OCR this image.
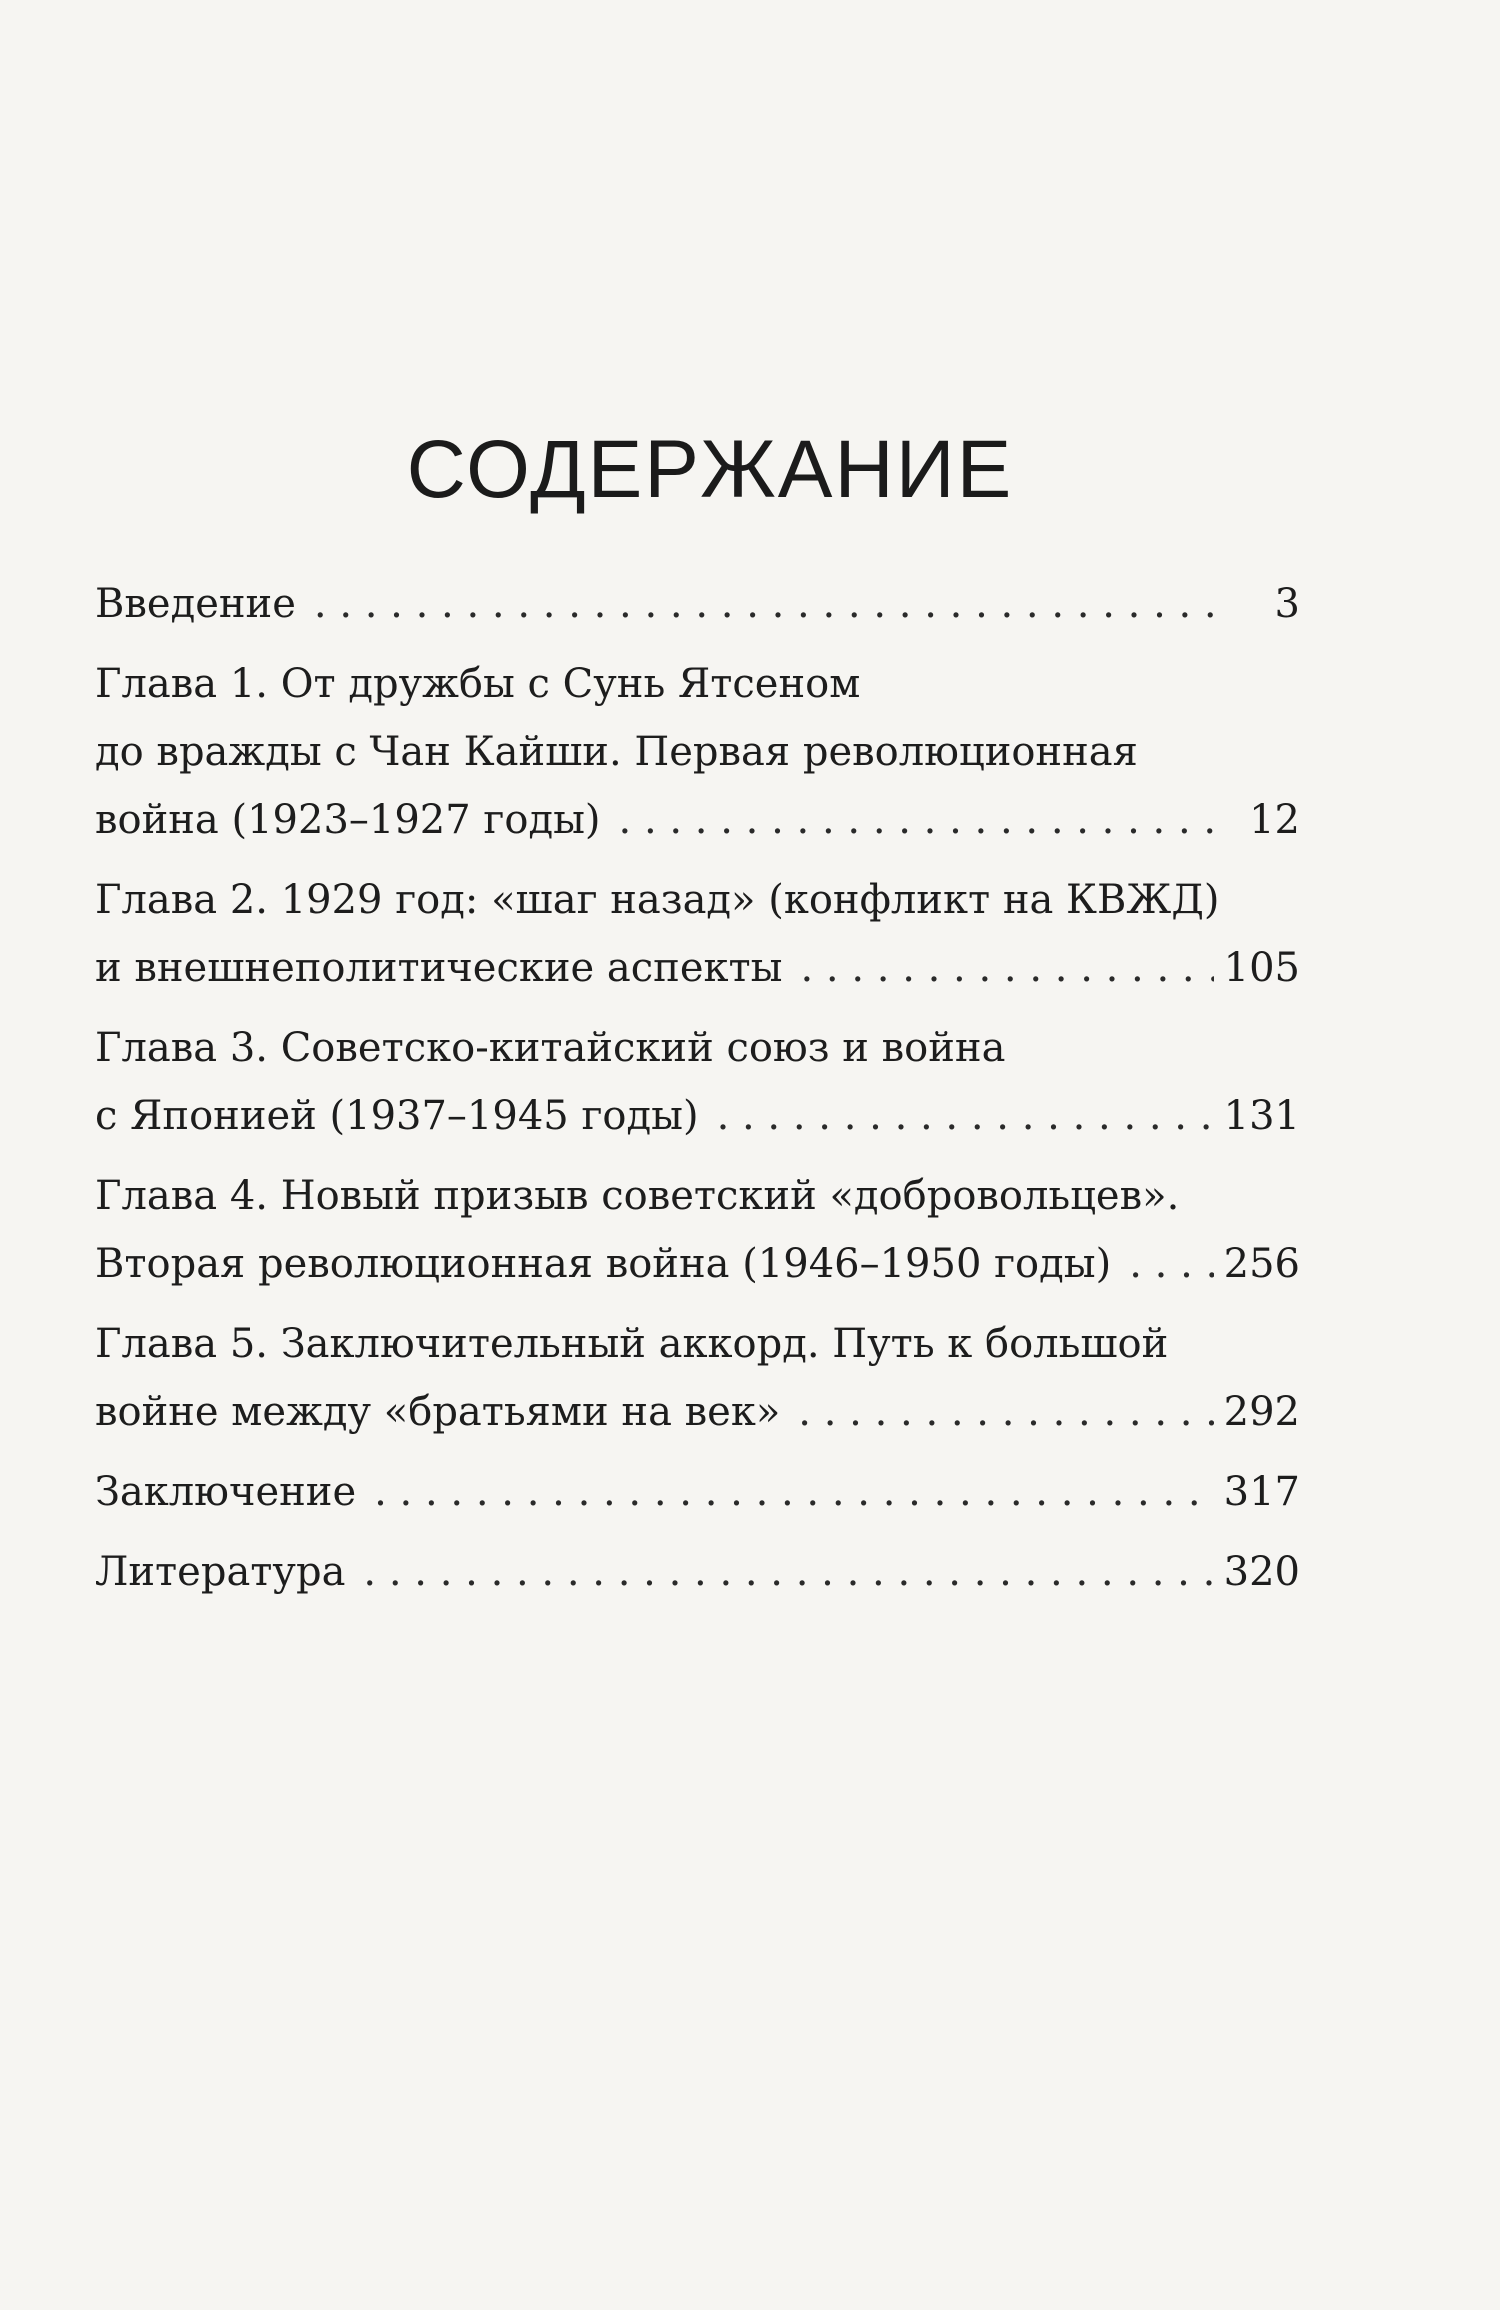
СОДЕРЖАНИЕ
Введение . . .	3
Глава 1. От дружбы с Сунь Ятсеном
до вражды с Чан Кайши. Первая революционная
война (1923–1927 годы) . . .	12
Глава 2. 1929 год: «шаг назад» (конфликт на КВЖД)
и внешнеполитические аспекты . . .	105
Глава 3. Советско-китайский союз и война
с Японией (1937–1945 годы) . . .	131
Глава 4. Новый призыв советский «добровольцев».
Вторая революционная война (1946–1950 годы) . . .	256
Глава 5. Заключительный аккорд. Путь к большой
войне между «братьями на век» . . .	292
Заключение . . .	317
Литература . . .	320
